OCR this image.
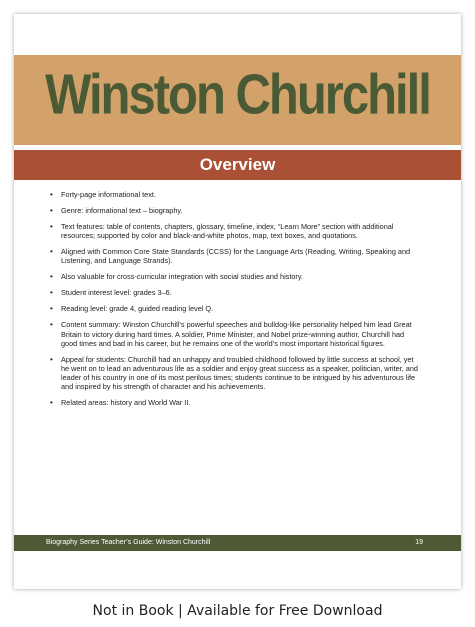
Winston Churchill
Overview
• Forty-page informational text.
• Genre: informational text – biography.
• Text features: table of contents, chapters, glossary, timeline, index, “Learn More” section with additional resources; supported by color and black-and-white photos, map, text boxes, and quotations.
• Aligned with Common Core State Standards (CCSS) for the Language Arts (Reading, Writing, Speaking and Listening, and Language Strands).
• Also valuable for cross-curricular integration with social studies and history.
• Student interest level: grades 3–6.
• Reading level: grade 4, guided reading level Q.
• Content summary: Winston Churchill’s powerful speeches and bulldog-like personality helped him lead Great Britain to victory during hard times. A soldier, Prime Minister, and Nobel prize-winning author, Churchill had good times and bad in his career, but he remains one of the world’s most important historical figures.
• Appeal for students: Churchill had an unhappy and troubled childhood followed by little success at school, yet he went on to lead an adventurous life as a soldier and enjoy great success as a speaker, politician, writer, and leader of his country in one of its most perilous times; students continue to be intrigued by his adventurous life and inspired by his strength of character and his achievements.
• Related areas: history and World War II.
Biography Series Teacher’s Guide: Winston Churchill	19
Not in Book | Available for Free Download
